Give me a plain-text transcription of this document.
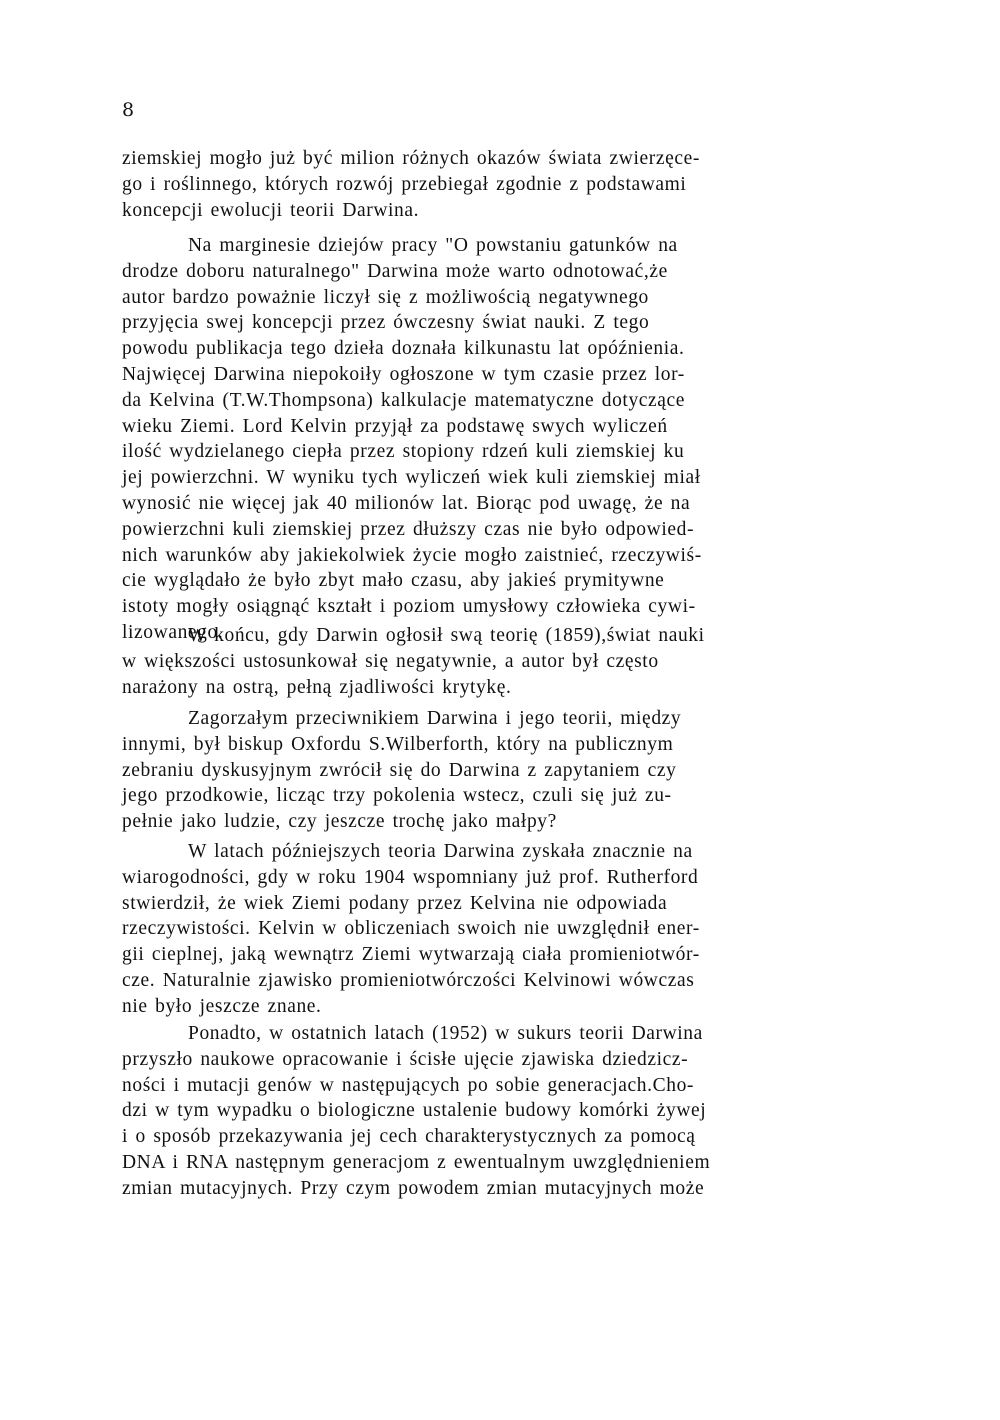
8
ziemskiej mogło już być milion różnych okazów świata zwierzęce-
go i roślinnego, których rozwój przebiegał zgodnie z podstawami
koncepcji ewolucji teorii Darwina.
Na marginesie dziejów pracy "O powstaniu gatunków na
drodze doboru naturalnego" Darwina może warto odnotować,że
autor bardzo poważnie liczył się z możliwością negatywnego
przyjęcia swej koncepcji przez ówczesny świat nauki. Z tego
powodu publikacja tego dzieła doznała kilkunastu lat opóźnienia.
Najwięcej Darwina niepokoiły ogłoszone w tym czasie przez lor-
da Kelvina (T.W.Thompsona) kalkulacje matematyczne dotyczące
wieku Ziemi. Lord Kelvin przyjął za podstawę swych wyliczeń
ilość wydzielanego ciepła przez stopiony rdzeń kuli ziemskiej ku
jej powierzchni. W wyniku tych wyliczeń wiek kuli ziemskiej miał
wynosić nie więcej jak 40 milionów lat. Biorąc pod uwagę, że na
powierzchni kuli ziemskiej przez dłuższy czas nie było odpowied-
nich warunków aby jakiekolwiek życie mogło zaistnieć, rzeczywiś-
cie wyglądało że było zbyt mało czasu, aby jakieś prymitywne
istoty mogły osiągnąć kształt i poziom umysłowy człowieka cywi-
lizowanego.
W końcu, gdy Darwin ogłosił swą teorię (1859),świat nauki
w większości ustosunkował się negatywnie, a autor był często
narażony na ostrą, pełną zjadliwości krytykę.
Zagorzałym przeciwnikiem Darwina i jego teorii, między
innymi, był biskup Oxfordu S.Wilberforth, który na publicznym
zebraniu dyskusyjnym zwrócił się do Darwina z zapytaniem czy
jego przodkowie, licząc trzy pokolenia wstecz, czuli się już zu-
pełnie jako ludzie, czy jeszcze trochę jako małpy?
W latach późniejszych teoria Darwina zyskała znacznie na
wiarogodności, gdy w roku 1904 wspomniany już prof. Rutherford
stwierdził, że wiek Ziemi podany przez Kelvina nie odpowiada
rzeczywistości. Kelvin w obliczeniach swoich nie uwzględnił ener-
gii cieplnej, jaką wewnątrz Ziemi wytwarzają ciała promieniotwór-
cze. Naturalnie zjawisko promieniotwórczości Kelvinowi wówczas
nie było jeszcze znane.
Ponadto, w ostatnich latach (1952) w sukurs teorii Darwina
przyszło naukowe opracowanie i ścisłe ujęcie zjawiska dziedzicz-
ności i mutacji genów w następujących po sobie generacjach.Cho-
dzi w tym wypadku o biologiczne ustalenie budowy komórki żywej
i o sposób przekazywania jej cech charakterystycznych za pomocą
DNA i RNA następnym generacjom z ewentualnym uwzględnieniem
zmian mutacyjnych. Przy czym powodem zmian mutacyjnych może
